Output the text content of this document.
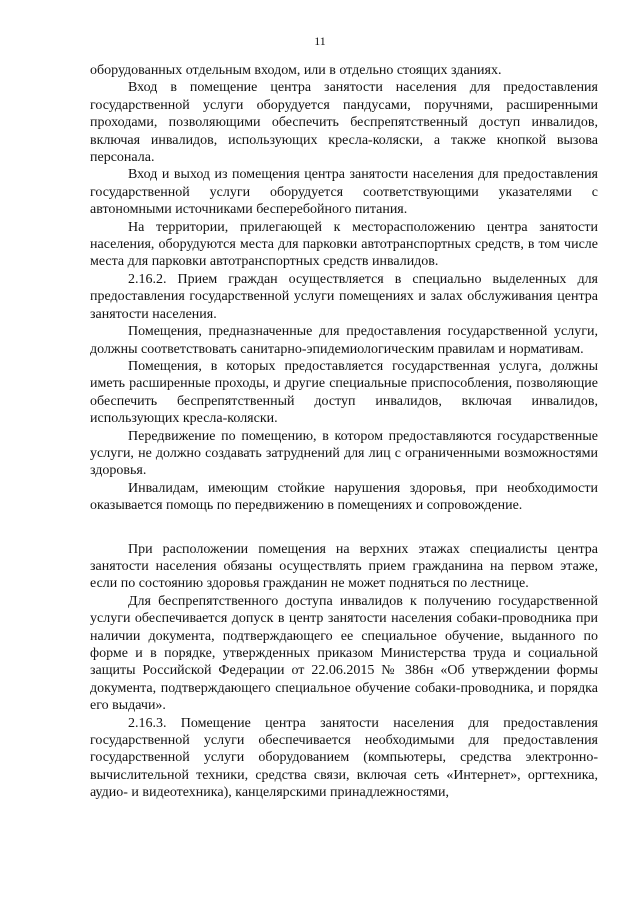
11

оборудованных отдельным входом, или в отдельно стоящих зданиях.

Вход в помещение центра занятости населения для предоставления государственной услуги оборудуется пандусами, поручнями, расширенными проходами, позволяющими обеспечить беспрепятственный доступ инвалидов, включая инвалидов, использующих кресла-коляски, а также кнопкой вызова персонала.

Вход и выход из помещения центра занятости населения для предоставления государственной услуги оборудуется соответствующими указателями с автономными источниками бесперебойного питания.

На территории, прилегающей к месторасположению центра занятости населения, оборудуются места для парковки автотранспортных средств, в том числе места для парковки автотранспортных средств инвалидов.

2.16.2. Прием граждан осуществляется в специально выделенных для предоставления государственной услуги помещениях и залах обслуживания центра занятости населения.

Помещения, предназначенные для предоставления государственной услуги, должны соответствовать санитарно-эпидемиологическим правилам и нормативам.

Помещения, в которых предоставляется государственная услуга, должны иметь расширенные проходы, и другие специальные приспособления, позволяющие обеспечить беспрепятственный доступ инвалидов, включая инвалидов, использующих кресла-коляски.

Передвижение по помещению, в котором предоставляются государственные услуги, не должно создавать затруднений для лиц с ограниченными возможностями здоровья.

Инвалидам, имеющим стойкие нарушения здоровья, при необходимости оказывается помощь по передвижению в помещениях и сопровождение.

При расположении помещения на верхних этажах специалисты центра занятости населения обязаны осуществлять прием гражданина на первом этаже, если по состоянию здоровья гражданин не может подняться по лестнице.

Для беспрепятственного доступа инвалидов к получению государственной услуги обеспечивается допуск в центр занятости населения собаки-проводника при наличии документа, подтверждающего ее специальное обучение, выданного по форме и в порядке, утвержденных приказом Министерства труда и социальной защиты Российской Федерации от 22.06.2015 № 386н «Об утверждении формы документа, подтверждающего специальное обучение собаки-проводника, и порядка его выдачи».

2.16.3. Помещение центра занятости населения для предоставления государственной услуги обеспечивается необходимыми для предоставления государственной услуги оборудованием (компьютеры, средства электронно-вычислительной техники, средства связи, включая сеть «Интернет», оргтехника, аудио- и видеотехника), канцелярскими принадлежностями,
